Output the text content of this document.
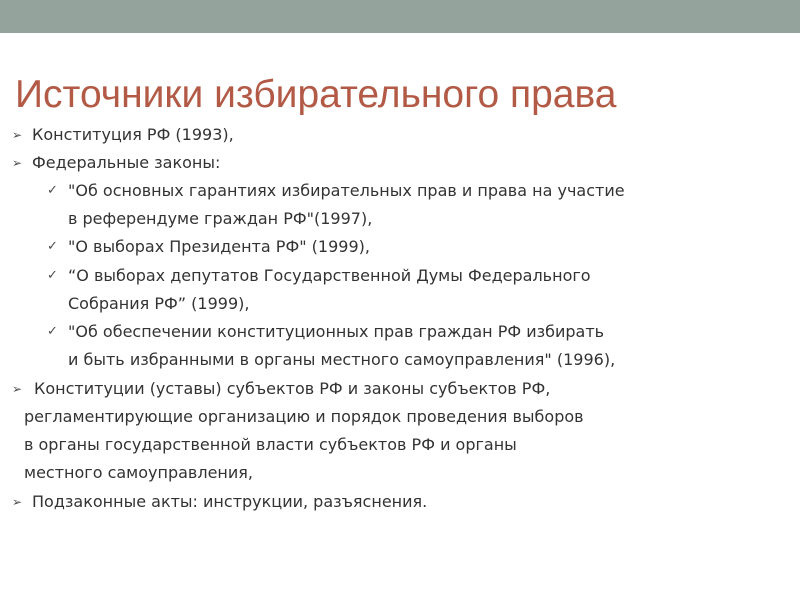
Источники избирательного права
➢ Конституция РФ (1993),
➢ Федеральные законы:
✓ "Об основных гарантиях избирательных прав и права на участие
в референдуме граждан РФ"(1997),
✓ "О выборах Президента РФ" (1999),
✓ “О выборах депутатов Государственной Думы Федерального
Собрания РФ” (1999),
✓ "Об обеспечении конституционных прав граждан РФ избирать
и быть избранными в органы местного самоуправления" (1996),
➢ Конституции (уставы) субъектов РФ и законы субъектов РФ,
регламентирующие организацию и порядок проведения выборов
в органы государственной власти субъектов РФ и органы
местного самоуправления,
➢ Подзаконные акты: инструкции, разъяснения.
